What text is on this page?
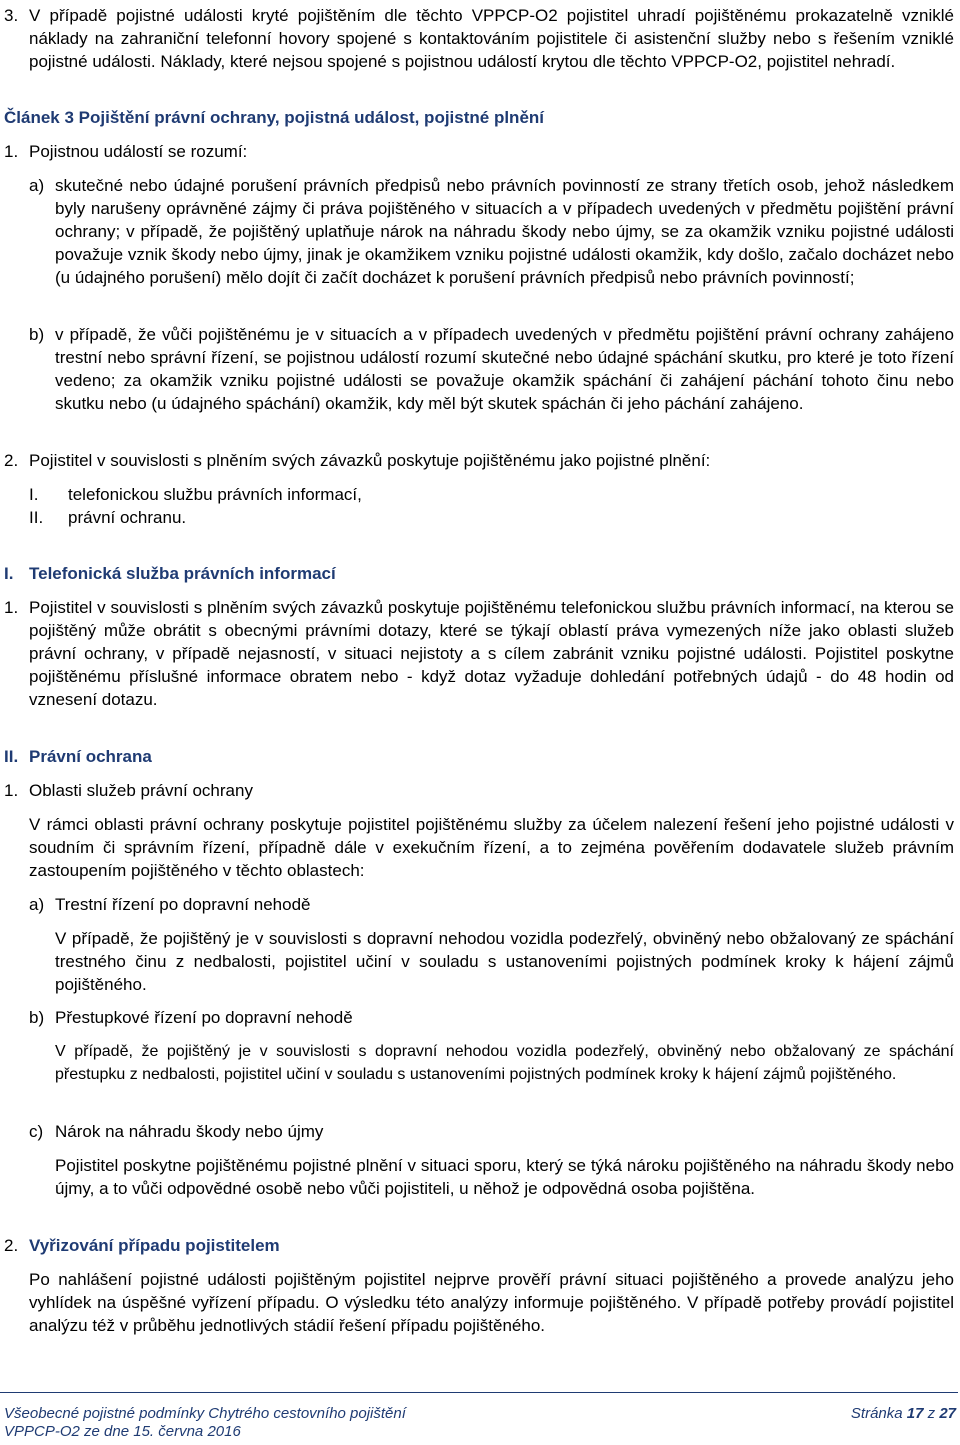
3. V případě pojistné události kryté pojištěním dle těchto VPPCP-O2 pojistitel uhradí pojištěnému prokazatelně vzniklé náklady na zahraniční telefonní hovory spojené s kontaktováním pojistitele či asistenční služby nebo s řešením vzniklé pojistné události. Náklady, které nejsou spojené s pojistnou událostí krytou dle těchto VPPCP-O2, pojistitel nehradí.

Článek 3 Pojištění právní ochrany, pojistná událost, pojistné plnění
1. Pojistnou událostí se rozumí:

a) skutečné nebo údajné porušení právních předpisů nebo právních povinností ze strany třetích osob, jehož následkem byly narušeny oprávněné zájmy či práva pojištěného v situacích a v případech uvedených v předmětu pojištění právní ochrany; v případě, že pojištěný uplatňuje nárok na náhradu škody nebo újmy, se za okamžik vzniku pojistné události považuje vznik škody nebo újmy, jinak je okamžikem vzniku pojistné události okamžik, kdy došlo, začalo docházet nebo (u údajného porušení) mělo dojít či začít docházet k porušení právních předpisů nebo právních povinností;

b) v případě, že vůči pojištěnému je v situacích a v případech uvedených v předmětu pojištění právní ochrany zahájeno trestní nebo správní řízení, se pojistnou událostí rozumí skutečné nebo údajné spáchání skutku, pro které je toto řízení vedeno; za okamžik vzniku pojistné události se považuje okamžik spáchání či zahájení páchání tohoto činu nebo skutku nebo (u údajného spáchání) okamžik, kdy měl být skutek spáchán či jeho páchání zahájeno.

2. Pojistitel v souvislosti s plněním svých závazků poskytuje pojištěnému jako pojistné plnění:

I. telefonickou službu právních informací,

II. právní ochranu.

I. Telefonická služba právních informací
1. Pojistitel v souvislosti s plněním svých závazků poskytuje pojištěnému telefonickou službu právních informací, na kterou se pojištěný může obrátit s obecnými právními dotazy, které se týkají oblastí práva vymezených níže jako oblasti služeb právní ochrany, v případě nejasností, v situaci nejistoty a s cílem zabránit vzniku pojistné události. Pojistitel poskytne pojištěnému příslušné informace obratem nebo - když dotaz vyžaduje dohledání potřebných údajů - do 48 hodin od vznesení dotazu.

II. Právní ochrana
1. Oblasti služeb právní ochrany

V rámci oblasti právní ochrany poskytuje pojistitel pojištěnému služby za účelem nalezení řešení jeho pojistné události v soudním či správním řízení, případně dále v exekučním řízení, a to zejména pověřením dodavatele služeb právním zastoupením pojištěného v těchto oblastech:

a) Trestní řízení po dopravní nehodě

V případě, že pojištěný je v souvislosti s dopravní nehodou vozidla podezřelý, obviněný nebo obžalovaný ze spáchání trestného činu z nedbalosti, pojistitel učiní v souladu s ustanoveními pojistných podmínek kroky k hájení zájmů pojištěného.

b) Přestupkové řízení po dopravní nehodě

V případě, že pojištěný je v souvislosti s dopravní nehodou vozidla podezřelý, obviněný nebo obžalovaný ze spáchání přestupku z nedbalosti, pojistitel učiní v souladu s ustanoveními pojistných podmínek kroky k hájení zájmů pojištěného.

c) Nárok na náhradu škody nebo újmy

Pojistitel poskytne pojištěnému pojistné plnění v situaci sporu, který se týká nároku pojištěného na náhradu škody nebo újmy, a to vůči odpovědné osobě nebo vůči pojistiteli, u něhož je odpovědná osoba pojištěna.

2. Vyřizování případu pojistitelem

Po nahlášení pojistné události pojištěným pojistitel nejprve prověří právní situaci pojištěného a provede analýzu jeho vyhlídek na úspěšné vyřízení případu. O výsledku této analýzy informuje pojištěného. V případě potřeby provádí pojistitel analýzu též v průběhu jednotlivých stádií řešení případu pojištěného.

Všeobecné pojistné podmínky Chytrého cestovního pojištění
VPPCP-O2 ze dne 15. června 2016
Stránka 17 z 27
